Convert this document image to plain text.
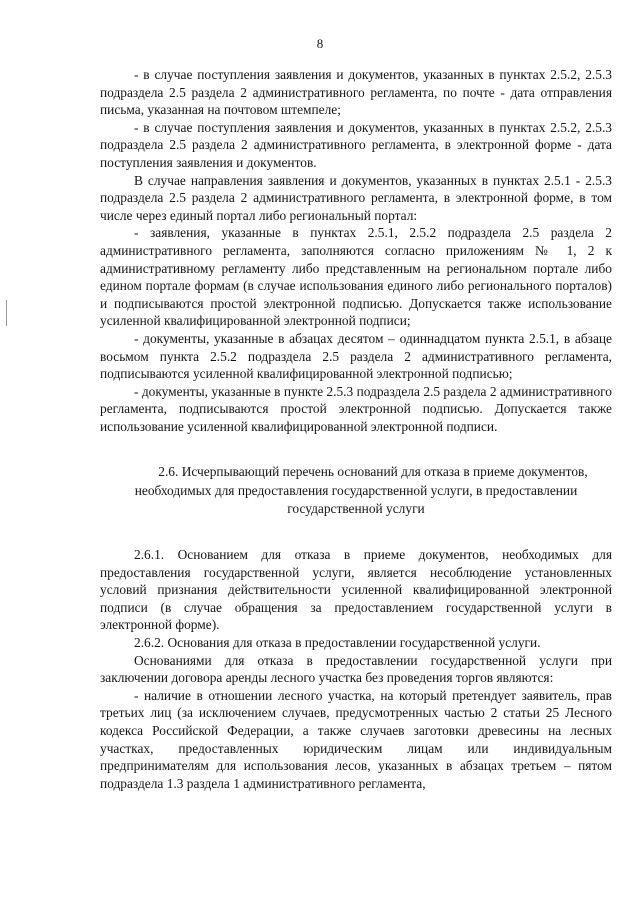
8

- в случае поступления заявления и документов, указанных в пунктах 2.5.2, 2.5.3 подраздела 2.5 раздела 2 административного регламента, по почте - дата отправления письма, указанная на почтовом штемпеле;

- в случае поступления заявления и документов, указанных в пунктах 2.5.2, 2.5.3 подраздела 2.5 раздела 2 административного регламента, в электронной форме - дата поступления заявления и документов.

В случае направления заявления и документов, указанных в пунктах 2.5.1 - 2.5.3 подраздела 2.5 раздела 2 административного регламента, в электронной форме, в том числе через единый портал либо региональный портал:

- заявления, указанные в пунктах 2.5.1, 2.5.2 подраздела 2.5 раздела 2 административного регламента, заполняются согласно приложениям № 1, 2 к административному регламенту либо представленным на региональном портале либо едином портале формам (в случае использования единого либо регионального порталов) и подписываются простой электронной подписью. Допускается также использование усиленной квалифицированной электронной подписи;

- документы, указанные в абзацах десятом – одиннадцатом пункта 2.5.1, в абзаце восьмом пункта 2.5.2 подраздела 2.5 раздела 2 административного регламента, подписываются усиленной квалифицированной электронной подписью;

- документы, указанные в пункте 2.5.3 подраздела 2.5 раздела 2 административного регламента, подписываются простой электронной подписью. Допускается также использование усиленной квалифицированной электронной подписи.

2.6. Исчерпывающий перечень оснований для отказа в приеме документов, необходимых для предоставления государственной услуги, в предоставлении государственной услуги

2.6.1. Основанием для отказа в приеме документов, необходимых для предоставления государственной услуги, является несоблюдение установленных условий признания действительности усиленной квалифицированной электронной подписи (в случае обращения за предоставлением государственной услуги в электронной форме).

2.6.2. Основания для отказа в предоставлении государственной услуги.

Основаниями для отказа в предоставлении государственной услуги при заключении договора аренды лесного участка без проведения торгов являются:

- наличие в отношении лесного участка, на который претендует заявитель, прав третьих лиц (за исключением случаев, предусмотренных частью 2 статьи 25 Лесного кодекса Российской Федерации, а также случаев заготовки древесины на лесных участках, предоставленных юридическим лицам или индивидуальным предпринимателям для использования лесов, указанных в абзацах третьем – пятом подраздела 1.3 раздела 1 административного регламента,
